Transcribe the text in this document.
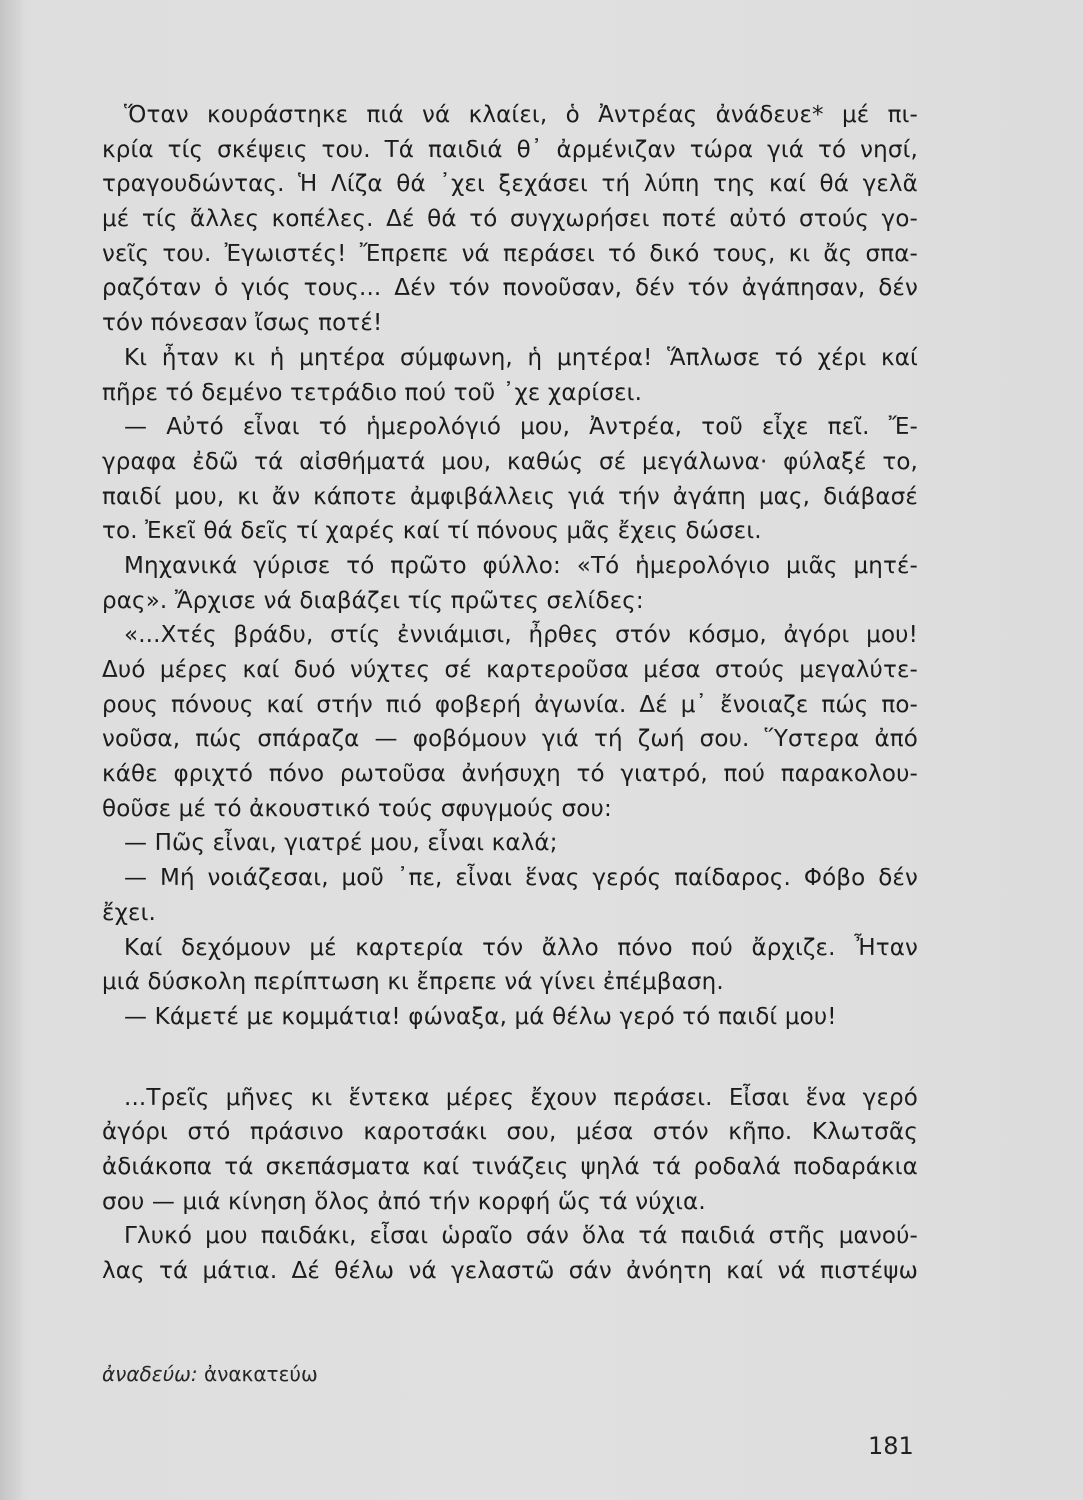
Ὅταν κουράστηκε πιά νά κλαίει, ὁ Ἀντρέας ἀνάδευε* μέ πι-
κρία τίς σκέψεις του. Τά παιδιά θ᾿ ἀρμένιζαν τώρα γιά τό νησί,
τραγουδώντας. Ἡ Λίζα θά ᾿χει ξεχάσει τή λύπη της καί θά γελᾶ
μέ τίς ἄλλες κοπέλες. Δέ θά τό συγχωρήσει ποτέ αὐτό στούς γο-
νεῖς του. Ἐγωιστές! Ἔπρεπε νά περάσει τό δικό τους, κι ἄς σπα-
ραζόταν ὁ γιός τους... Δέν τόν πονοῦσαν, δέν τόν ἀγάπησαν, δέν
τόν πόνεσαν ἴσως ποτέ!
Κι ἦταν κι ἡ μητέρα σύμφωνη, ἡ μητέρα! Ἅπλωσε τό χέρι καί
πῆρε τό δεμένο τετράδιο πού τοῦ ᾿χε χαρίσει.
— Αὐτό εἶναι τό ἡμερολόγιό μου, Ἀντρέα, τοῦ εἶχε πεῖ. Ἔ-
γραφα ἐδῶ τά αἰσθήματά μου, καθώς σέ μεγάλωνα· φύλαξέ το,
παιδί μου, κι ἄν κάποτε ἀμφιβάλλεις γιά τήν ἀγάπη μας, διάβασέ
το. Ἐκεῖ θά δεῖς τί χαρές καί τί πόνους μᾶς ἔχεις δώσει.
Μηχανικά γύρισε τό πρῶτο φύλλο: «Τό ἡμερολόγιο μιᾶς μητέ-
ρας». Ἄρχισε νά διαβάζει τίς πρῶτες σελίδες:
«...Χτές βράδυ, στίς ἐννιάμισι, ἦρθες στόν κόσμο, ἀγόρι μου!
Δυό μέρες καί δυό νύχτες σέ καρτεροῦσα μέσα στούς μεγαλύτε-
ρους πόνους καί στήν πιό φοβερή ἀγωνία. Δέ μ᾿ ἔνοιαζε πώς πο-
νοῦσα, πώς σπάραζα — φοβόμουν γιά τή ζωή σου. Ὕστερα ἀπό
κάθε φριχτό πόνο ρωτοῦσα ἀνήσυχη τό γιατρό, πού παρακολου-
θοῦσε μέ τό ἀκουστικό τούς σφυγμούς σου:
— Πῶς εἶναι, γιατρέ μου, εἶναι καλά;
— Μή νοιάζεσαι, μοῦ ᾿πε, εἶναι ἕνας γερός παίδαρος. Φόβο δέν
ἔχει.
Καί δεχόμουν μέ καρτερία τόν ἄλλο πόνο πού ἄρχιζε. Ἦταν
μιά δύσκολη περίπτωση κι ἔπρεπε νά γίνει ἐπέμβαση.
— Κάμετέ με κομμάτια! φώναξα, μά θέλω γερό τό παιδί μου!
...Τρεῖς μῆνες κι ἕντεκα μέρες ἔχουν περάσει. Εἶσαι ἕνα γερό
ἀγόρι στό πράσινο καροτσάκι σου, μέσα στόν κῆπο. Κλωτσᾶς
ἀδιάκοπα τά σκεπάσματα καί τινάζεις ψηλά τά ροδαλά ποδαράκια
σου — μιά κίνηση ὅλος ἀπό τήν κορφή ὥς τά νύχια.
Γλυκό μου παιδάκι, εἶσαι ὡραῖο σάν ὅλα τά παιδιά στῆς μανού-
λας τά μάτια. Δέ θέλω νά γελαστῶ σάν ἀνόητη καί νά πιστέψω
ἀναδεύω: ἀνακατεύω
181
